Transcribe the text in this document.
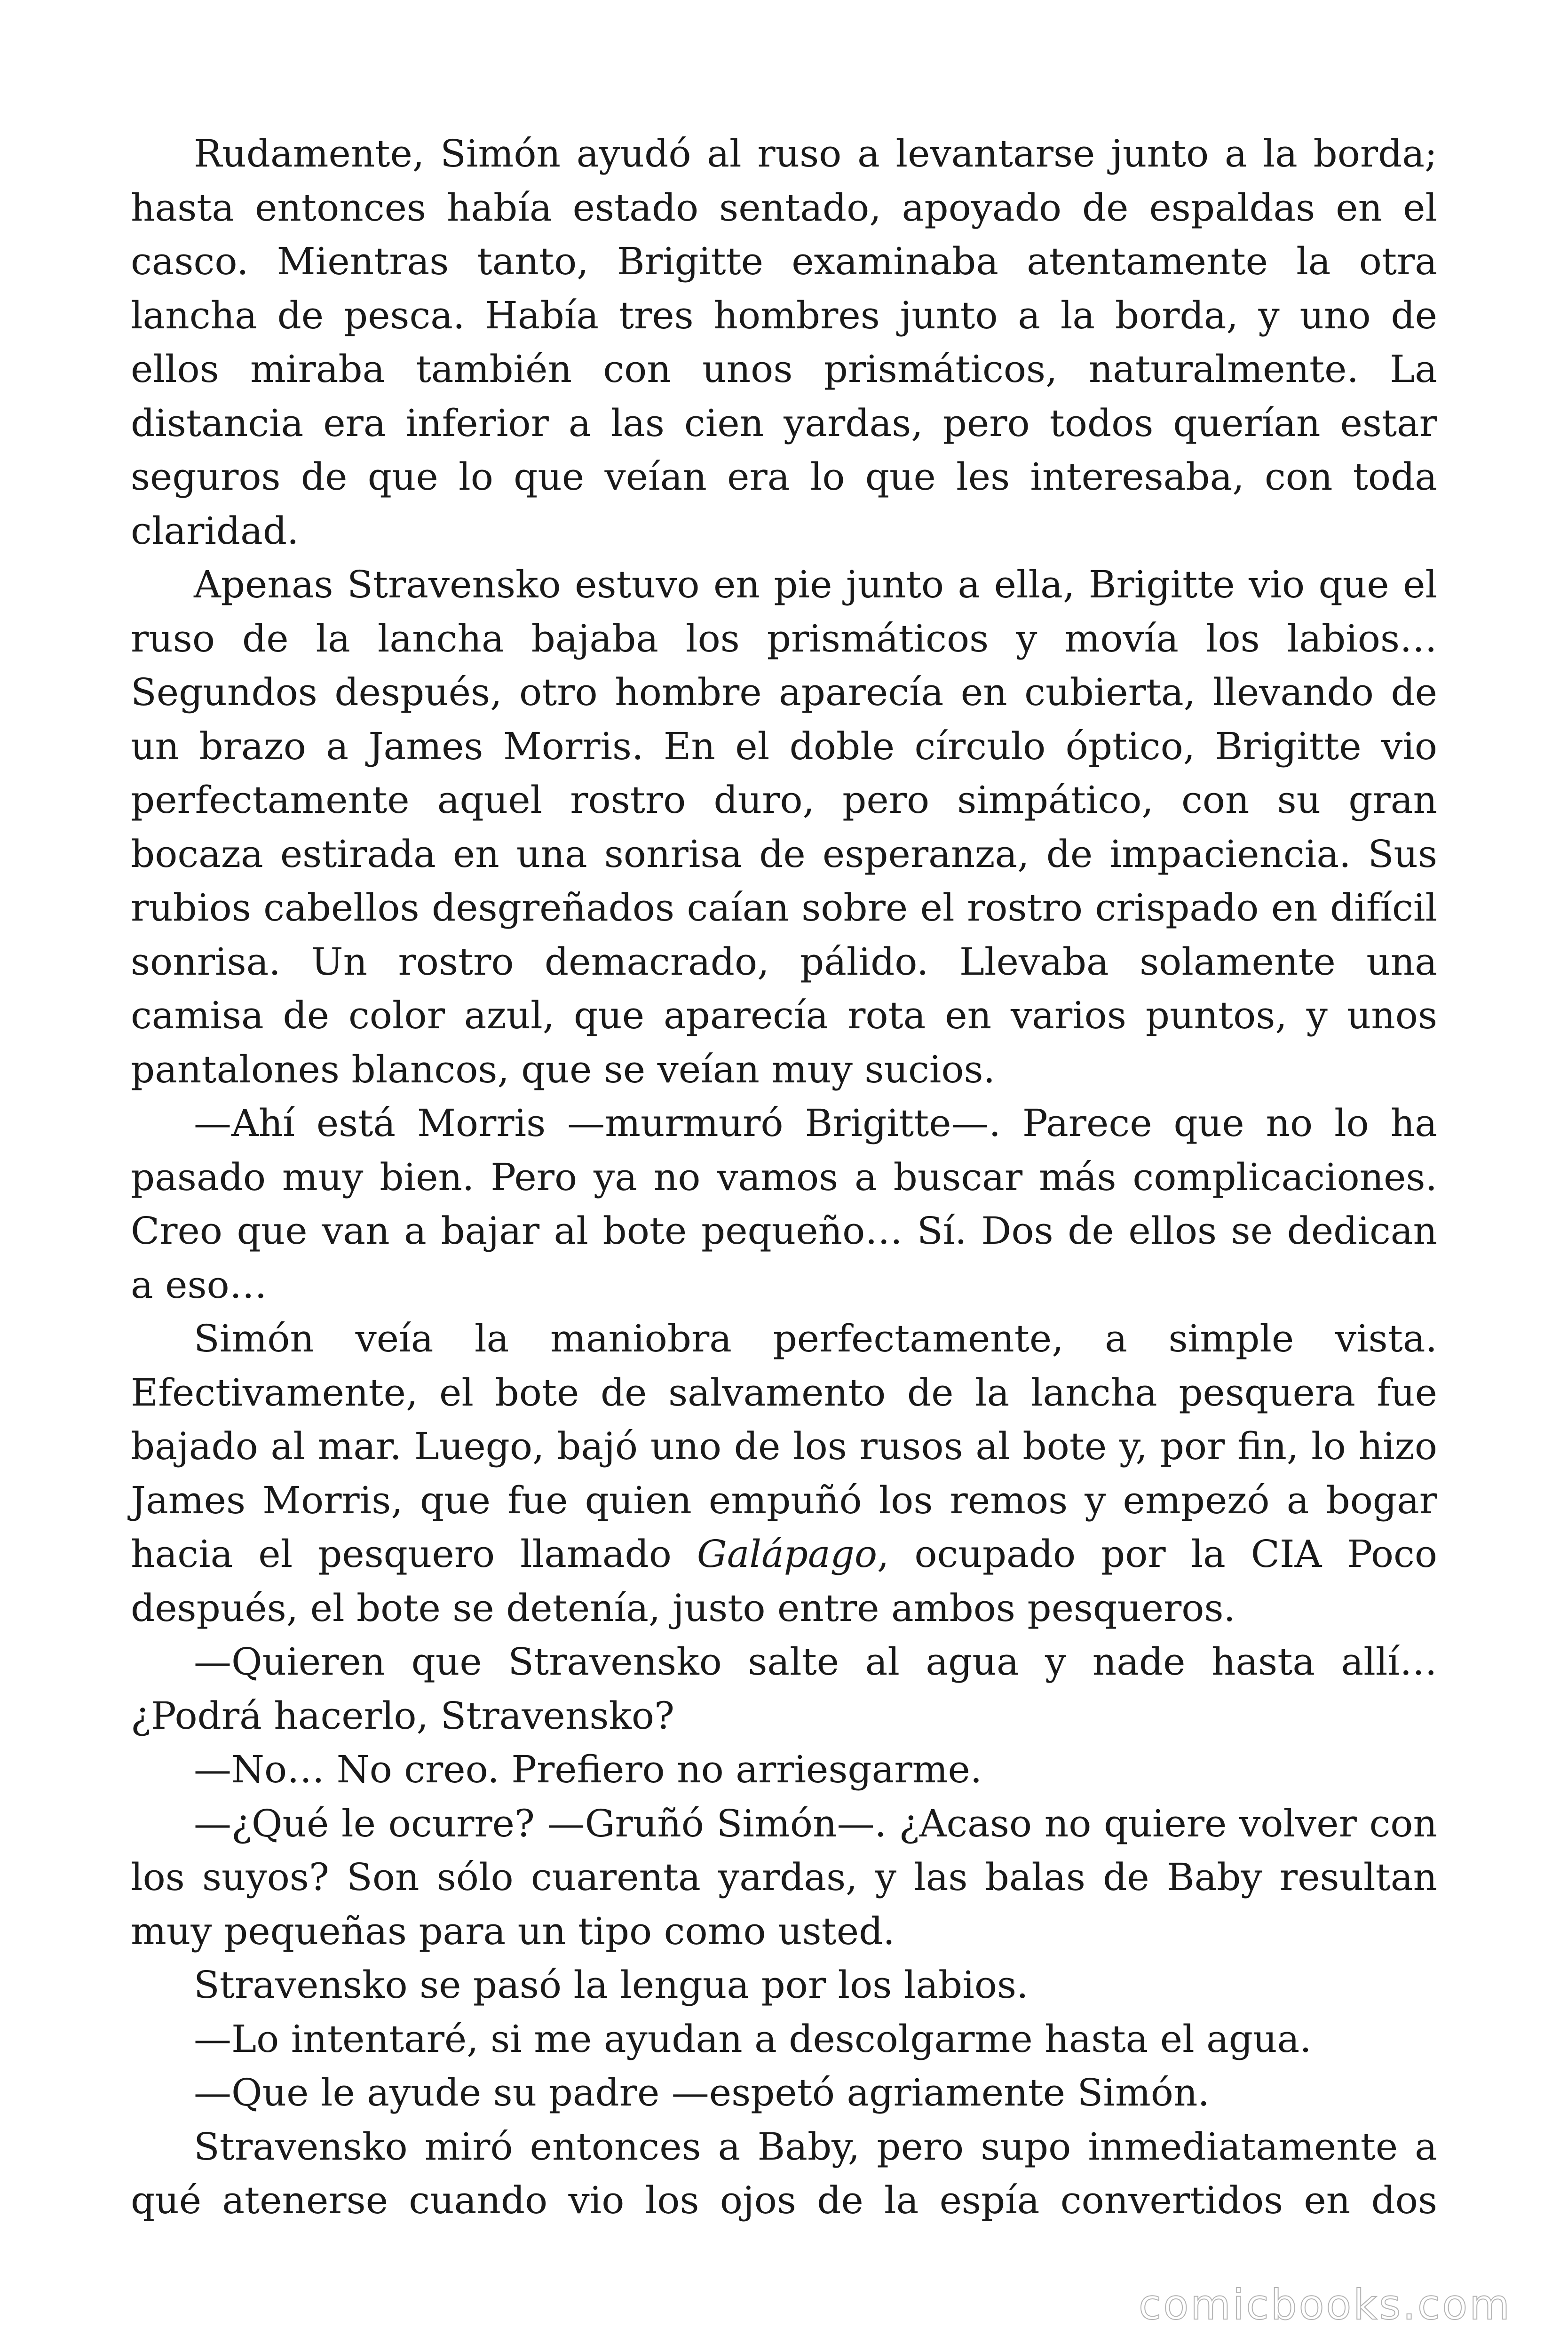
Rudamente, Simón ayudó al ruso a levantarse junto a la borda; hasta entonces había estado sentado, apoyado de espaldas en el casco. Mientras tanto, Brigitte examinaba atentamente la otra lancha de pesca. Había tres hombres junto a la borda, y uno de ellos miraba también con unos prismáticos, naturalmente. La distancia era inferior a las cien yardas, pero todos querían estar seguros de que lo que veían era lo que les interesaba, con toda claridad.

Apenas Stravensko estuvo en pie junto a ella, Brigitte vio que el ruso de la lancha bajaba los prismáticos y movía los labios… Segundos después, otro hombre aparecía en cubierta, llevando de un brazo a James Morris. En el doble círculo óptico, Brigitte vio perfectamente aquel rostro duro, pero simpático, con su gran bocaza estirada en una sonrisa de esperanza, de impaciencia. Sus rubios cabellos desgreñados caían sobre el rostro crispado en difícil sonrisa. Un rostro demacrado, pálido. Llevaba solamente una camisa de color azul, que aparecía rota en varios puntos, y unos pantalones blancos, que se veían muy sucios.

—Ahí está Morris —murmuró Brigitte—. Parece que no lo ha pasado muy bien. Pero ya no vamos a buscar más complicaciones. Creo que van a bajar al bote pequeño… Sí. Dos de ellos se dedican a eso…

Simón veía la maniobra perfectamente, a simple vista. Efectivamente, el bote de salvamento de la lancha pesquera fue bajado al mar. Luego, bajó uno de los rusos al bote y, por fin, lo hizo James Morris, que fue quien empuñó los remos y empezó a bogar hacia el pesquero llamado Galápago, ocupado por la CIA Poco después, el bote se detenía, justo entre ambos pesqueros.

—Quieren que Stravensko salte al agua y nade hasta allí… ¿Podrá hacerlo, Stravensko?

—No… No creo. Prefiero no arriesgarme.

—¿Qué le ocurre? —Gruñó Simón—. ¿Acaso no quiere volver con los suyos? Son sólo cuarenta yardas, y las balas de Baby resultan muy pequeñas para un tipo como usted.

Stravensko se pasó la lengua por los labios.

—Lo intentaré, si me ayudan a descolgarme hasta el agua.

—Que le ayude su padre —espetó agriamente Simón.

Stravensko miró entonces a Baby, pero supo inmediatamente a qué atenerse cuando vio los ojos de la espía convertidos en dos

comicbooks.com
